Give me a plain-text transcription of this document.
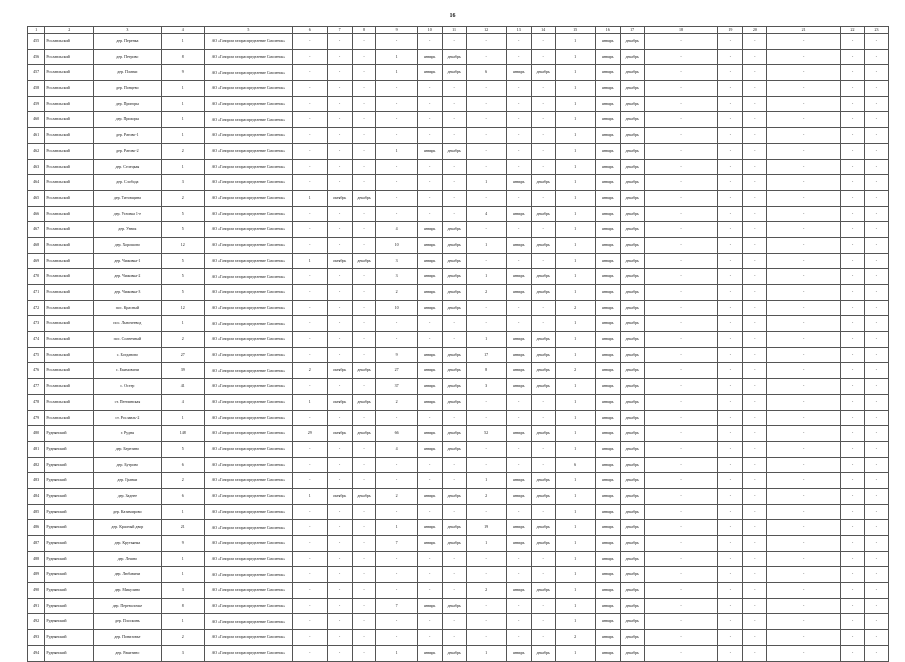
16
1	2	3	4	5	6	7	8	9	10	11	12	13	14	15	16	17	18	19	20	21	22	23
455	Рославльский	дер. Перенка	1	АО «Газпром газораспределение Смоленск»	-	-	-	-	-	-	-	-	-	1	январь	декабрь	-	-	-	-	-	-
456	Рославльский	дер. Петрово	8	АО «Газпром газораспределение Смоленск»	-	-	-	1	январь	декабрь	-	-	-	1	январь	декабрь	-	-	-	-	-	-
457	Рославльский	дер. Платки	9	АО «Газпром газораспределение Смоленск»	-	-	-	1	январь	декабрь	6	январь	декабрь	1	январь	декабрь	-	-	-	-	-	-
458	Рославльский	дер. Понцево	1	АО «Газпром газораспределение Смоленск»	-	-	-	-	-	-	-	-	-	1	январь	декабрь	-	-	-	-	-	-
459	Рославльский	дер. Пригоры	1	АО «Газпром газораспределение Смоленск»	-	-	-	-	-	-	-	-	-	1	январь	декабрь	-	-	-	-	-	-
460	Рославльский	дер. Прихоры	1	АО «Газпром газораспределение Смоленск»	-	-	-	-	-	-	-	-	-	1	январь	декабрь	-	-	-	-	-	-
461	Рославльский	дер. Ратово-1	1	АО «Газпром газораспределение Смоленск»	-	-	-	-	-	-	-	-	-	1	январь	декабрь	-	-	-	-	-	-
462	Рославльский	дер. Ратово-2	2	АО «Газпром газораспределение Смоленск»	-	-	-	1	январь	декабрь	-	-	-	1	январь	декабрь	-	-	-	-	-	-
463	Рославльский	дер. Селецкая	1	АО «Газпром газораспределение Смоленск»	-	-	-	-	-	-	-	-	-	1	январь	декабрь	-	-	-	-	-	-
464	Рославльский	дер. Слобода	3	АО «Газпром газораспределение Смоленск»	-	-	-	-	-	-	1	январь	декабрь	1	январь	декабрь	-	-	-	-	-	-
465	Рославльский	дер. Титовщина	2	АО «Газпром газораспределение Смоленск»	1	октябрь	декабрь	-	-	-	-	-	-	1	январь	декабрь	-	-	-	-	-	-
466	Рославльский	дер. Угловка 1-е	5	АО «Газпром газораспределение Смоленск»	-	-	-	-	-	-	4	январь	декабрь	1	январь	декабрь	-	-	-	-	-	-
467	Рославльский	дер. Узник	5	АО «Газпром газораспределение Смоленск»	-	-	-	4	январь	декабрь	-	-	-	1	январь	декабрь	-	-	-	-	-	-
468	Рославльский	дер. Хорошово	12	АО «Газпром газораспределение Смоленск»	-	-	-	10	январь	декабрь	1	январь	декабрь	1	январь	декабрь	-	-	-	-	-	-
469	Рославльский	дер. Чижовка-1	5	АО «Газпром газораспределение Смоленск»	1	октябрь	декабрь	3	январь	декабрь	-	-	-	1	январь	декабрь	-	-	-	-	-	-
470	Рославльский	дер. Чижовка-2	5	АО «Газпром газораспределение Смоленск»	-	-	-	3	январь	декабрь	1	январь	декабрь	1	январь	декабрь	-	-	-	-	-	-
471	Рославльский	дер. Чижовка-3	5	АО «Газпром газораспределение Смоленск»	-	-	-	2	январь	декабрь	2	январь	декабрь	1	январь	декабрь	-	-	-	-	-	-
472	Рославльский	пос. Красный	12	АО «Газпром газораспределение Смоленск»	-	-	-	10	январь	декабрь	-	-	-	2	январь	декабрь	-	-	-	-	-	-
473	Рославльский	пос. Льночеевод	1	АО «Газпром газораспределение Смоленск»	-	-	-	-	-	-	-	-	-	1	январь	декабрь	-	-	-	-	-	-
474	Рославльский	пос. Солнечный	2	АО «Газпром газораспределение Смоленск»	-	-	-	-	-	-	1	январь	декабрь	1	январь	декабрь	-	-	-	-	-	-
475	Рославльский	с. Богданово	27	АО «Газпром газораспределение Смоленск»	-	-	-	9	январь	декабрь	17	январь	декабрь	1	январь	декабрь	-	-	-	-	-	-
476	Рославльский	с. Екимовичи	39	АО «Газпром газораспределение Смоленск»	2	октябрь	декабрь	27	январь	декабрь	8	январь	декабрь	2	январь	декабрь	-	-	-	-	-	-
477	Рославльский	с. Остер	41	АО «Газпром газораспределение Смоленск»	-	-	-	37	январь	декабрь	3	январь	декабрь	1	январь	декабрь	-	-	-	-	-	-
478	Рославльский	ст. Пенчинская	4	АО «Газпром газораспределение Смоленск»	1	октябрь	декабрь	2	январь	декабрь	-	-	-	1	январь	декабрь	-	-	-	-	-	-
479	Рославльский	ст. Рославль-2	1	АО «Газпром газораспределение Смоленск»	-	-	-	-	-	-	-	-	-	1	январь	декабрь	-	-	-	-	-	-
480	Руднянский	г. Рудня	148	АО «Газпром газораспределение Смоленск»	29	октябрь	декабрь	66	январь	декабрь	52	январь	декабрь	1	январь	декабрь	-	-	-	-	-	-
481	Руднянский	дер. Березино	5	АО «Газпром газораспределение Смоленск»	-	-	-	4	январь	декабрь	-	-	-	1	январь	декабрь	-	-	-	-	-	-
482	Руднянский	дер. Бутрово	6	АО «Газпром газораспределение Смоленск»	-	-	-	-	-	-	-	-	-	6	январь	декабрь	-	-	-	-	-	-
483	Руднянский	дер. Гранки	2	АО «Газпром газораспределение Смоленск»	-	-	-	-	-	-	1	январь	декабрь	1	январь	декабрь	-	-	-	-	-	-
484	Руднянский	дер. Заднее	6	АО «Газпром газораспределение Смоленск»	1	октябрь	декабрь	2	январь	декабрь	2	январь	декабрь	1	январь	декабрь	-	-	-	-	-	-
485	Руднянский	дер. Казимирово	1	АО «Газпром газораспределение Смоленск»	-	-	-	-	-	-	-	-	-	1	январь	декабрь	-	-	-	-	-	-
486	Руднянский	дер. Красный двор	21	АО «Газпром газораспределение Смоленск»	-	-	-	1	январь	декабрь	19	январь	декабрь	1	январь	декабрь	-	-	-	-	-	-
487	Руднянский	дер. Крутьянка	9	АО «Газпром газораспределение Смоленск»	-	-	-	7	январь	декабрь	1	январь	декабрь	1	январь	декабрь	-	-	-	-	-	-
488	Руднянский	дер. Лешно	1	АО «Газпром газораспределение Смоленск»	-	-	-	-	-	-	-	-	-	1	январь	декабрь	-	-	-	-	-	-
489	Руднянский	дер. Любавичи	1	АО «Газпром газораспределение Смоленск»	-	-	-	-	-	-	-	-	-	1	январь	декабрь	-	-	-	-	-	-
490	Руднянский	дер. Микулино	3	АО «Газпром газораспределение Смоленск»	-	-	-	-	-	-	2	январь	декабрь	1	январь	декабрь	-	-	-	-	-	-
491	Руднянский	дер. Переволочье	8	АО «Газпром газораспределение Смоленск»	-	-	-	7	январь	декабрь	-	-	-	1	январь	декабрь	-	-	-	-	-	-
492	Руднянский	дер. Плоскинь	1	АО «Газпром газораспределение Смоленск»	-	-	-	-	-	-	-	-	-	1	январь	декабрь	-	-	-	-	-	-
493	Руднянский	дер. Понизовье	2	АО «Газпром газораспределение Смоленск»	-	-	-	-	-	-	-	-	-	2	январь	декабрь	-	-	-	-	-	-
494	Руднянский	дер. Ракитино	3	АО «Газпром газораспределение Смоленск»	-	-	-	1	январь	декабрь	1	январь	декабрь	1	январь	декабрь	-	-	-	-	-	-
